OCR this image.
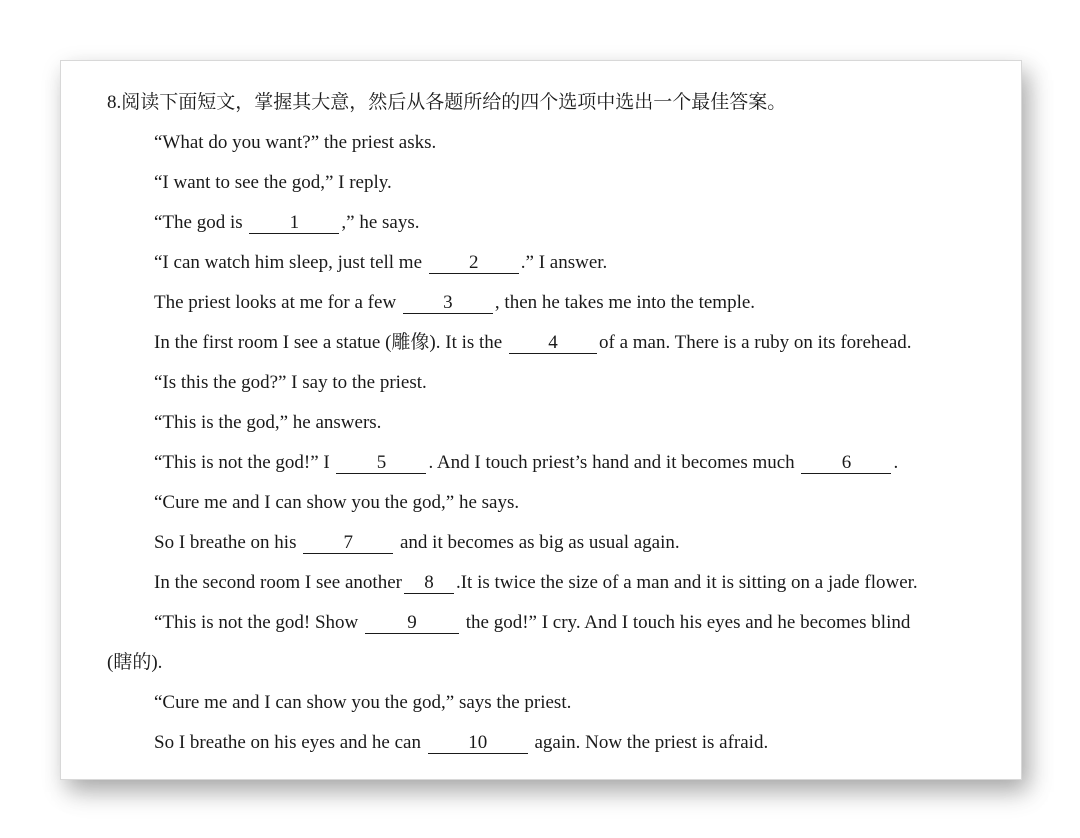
8.阅读下面短文，掌握其大意，然后从各题所给的四个选项中选出一个最佳答案。
“What do you want?” the priest asks.
“I want to see the god,” I reply.
“The god is 1 ,” he says.
“I can watch him sleep, just tell me 2 .” I answer.
The priest looks at me for a few 3 , then he takes me into the temple.
In the first room I see a statue (雕像). It is the 4 of a man. There is a ruby on its forehead.
“Is this the god?” I say to the priest.
“This is the god,” he answers.
“This is not the god!” I 5 . And I touch priest’s hand and it becomes much 6 .
“Cure me and I can show you the god,” he says.
So I breathe on his 7 and it becomes as big as usual again.
In the second room I see another 8 .It is twice the size of a man and it is sitting on a jade flower.
“This is not the god! Show 9 the god!” I cry. And I touch his eyes and he becomes blind
(瞎的).
“Cure me and I can show you the god,” says the priest.
So I breathe on his eyes and he can 10 again. Now the priest is afraid.
